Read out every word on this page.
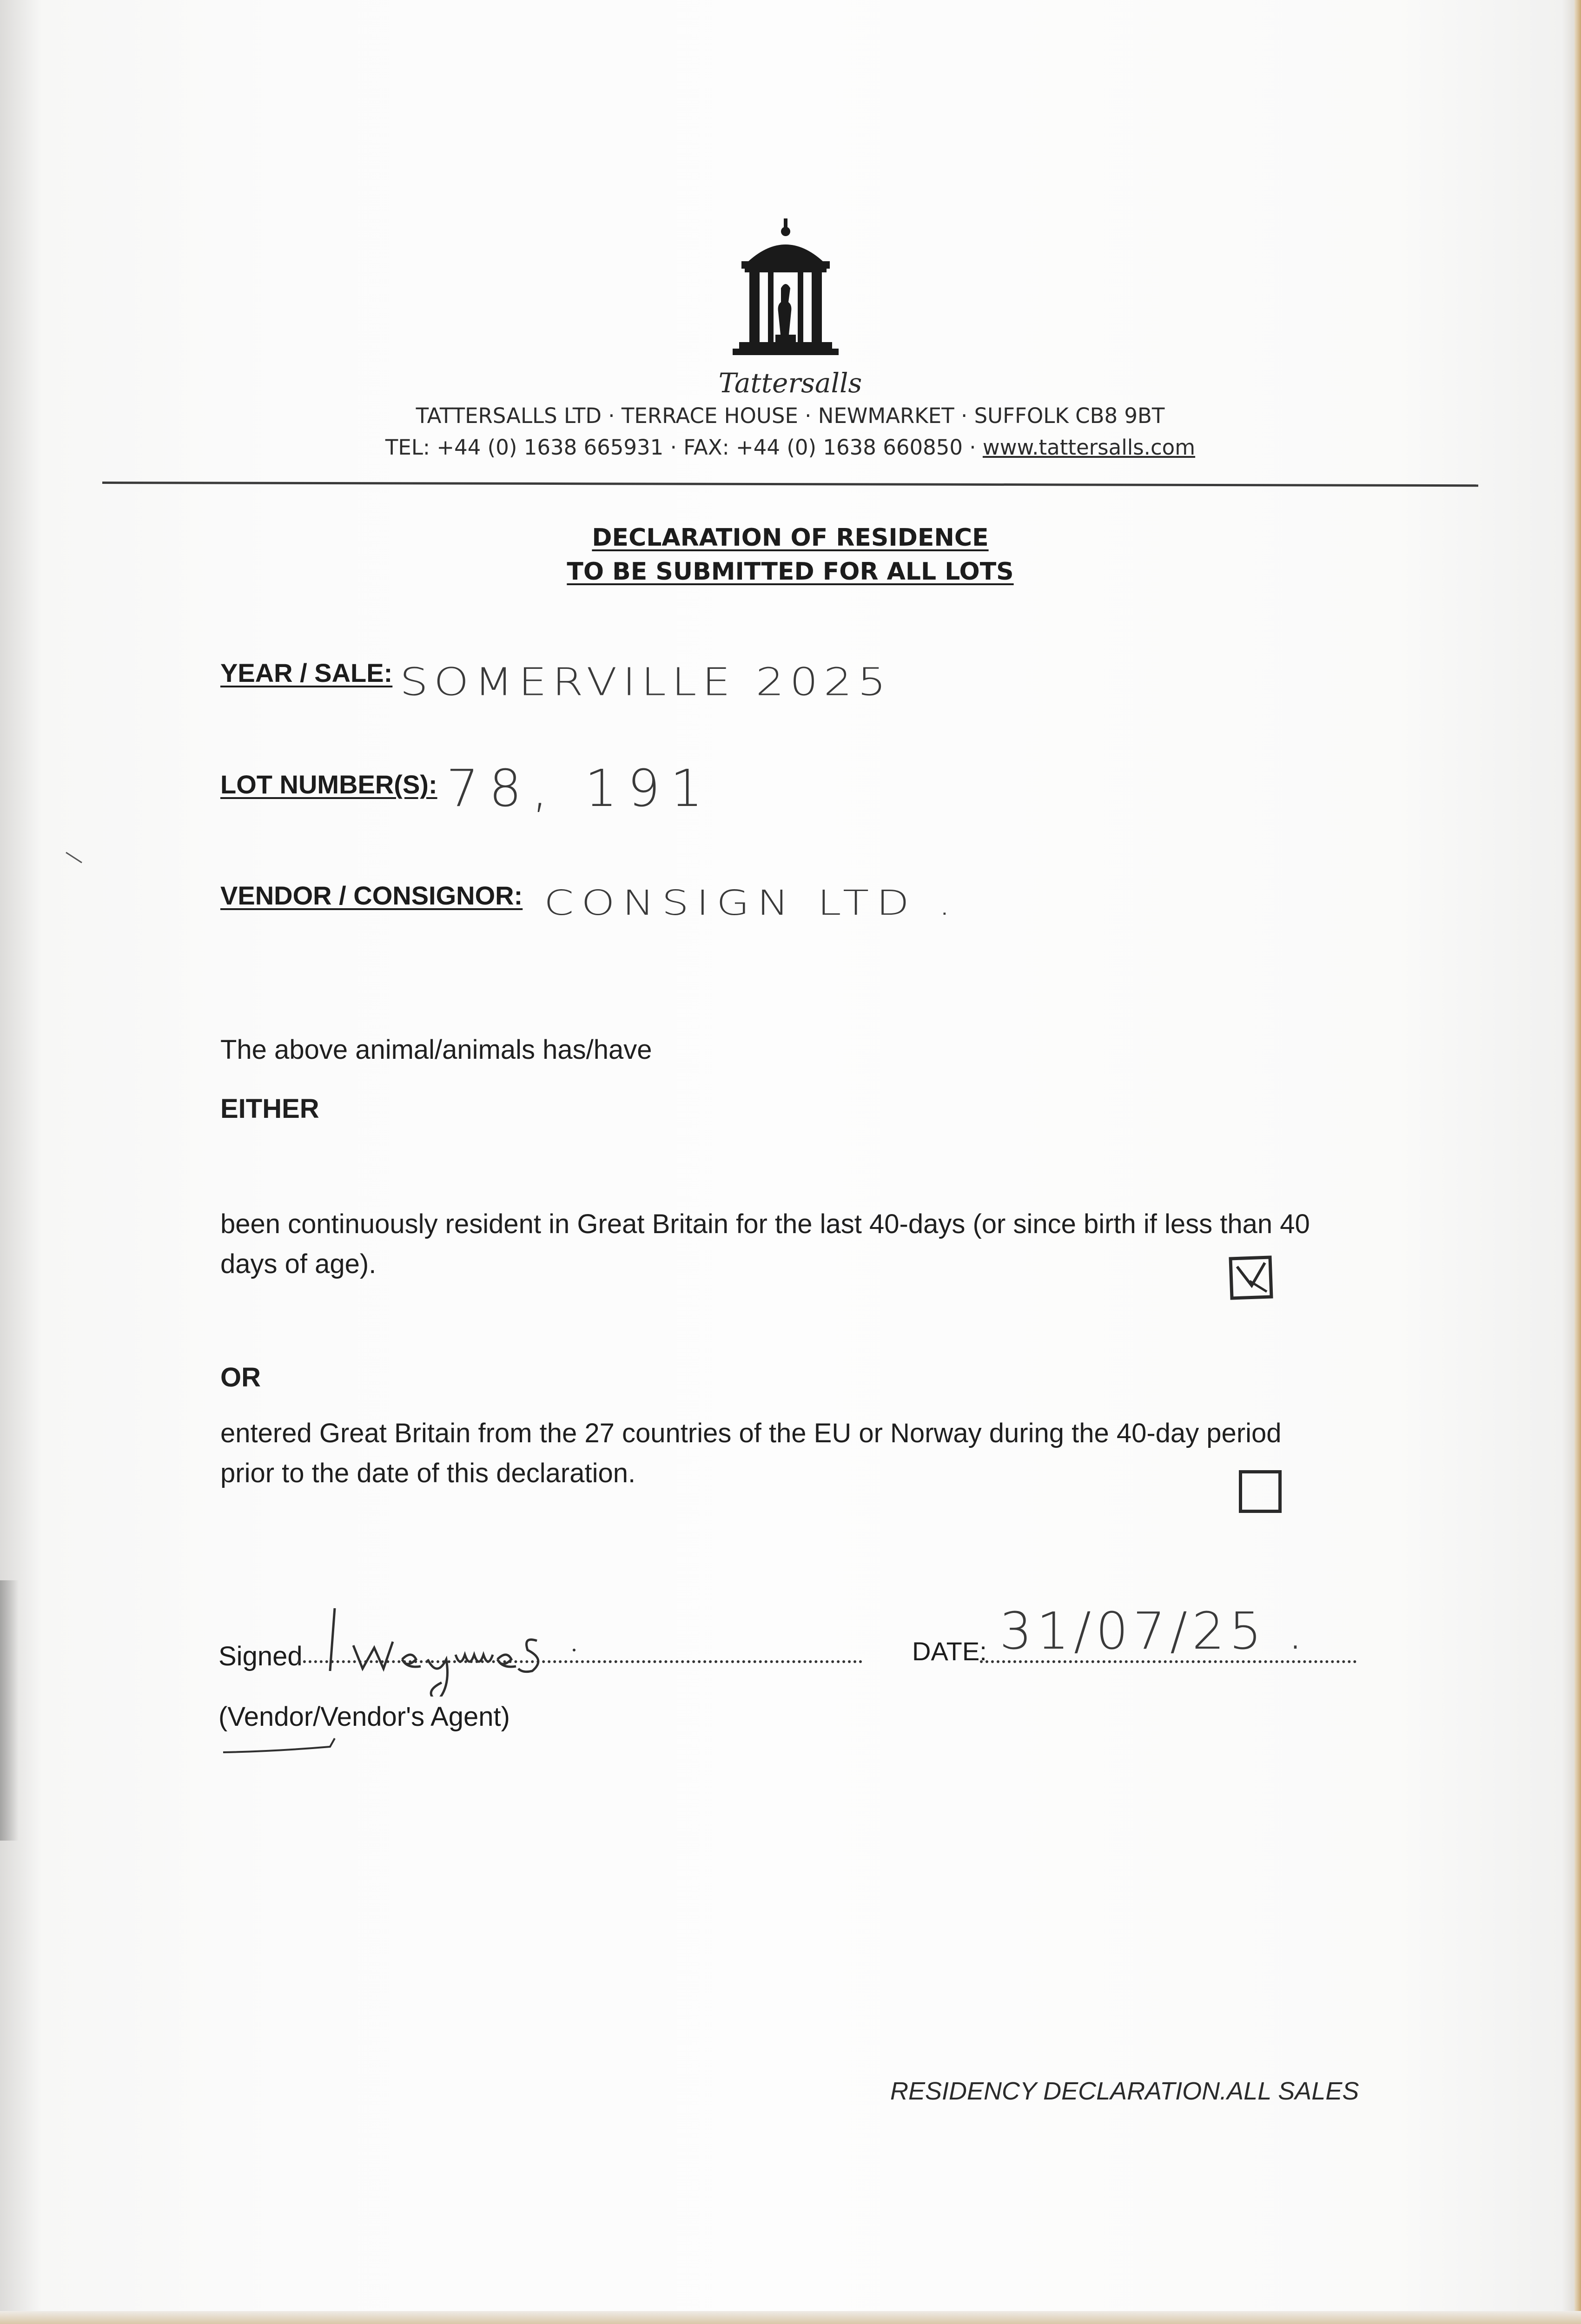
Tattersalls
TATTERSALLS LTD · TERRACE HOUSE · NEWMARKET · SUFFOLK CB8 9BT
TEL: +44 (0) 1638 665931 · FAX: +44 (0) 1638 660850 · www.tattersalls.com
DECLARATION OF RESIDENCE
TO BE SUBMITTED FOR ALL LOTS
YEAR / SALE: SOMERVILLE 2025
LOT NUMBER(S): 78, 191
VENDOR / CONSIGNOR: CONSIGN LTD .
The above animal/animals has/have
EITHER
been continuously resident in Great Britain for the last 40-days (or since birth if less than 40
days of age).
OR
entered Great Britain from the 27 countries of the EU or Norway during the 40-day period
prior to the date of this declaration.
Signed	DATE: 31/07/25 .
(Vendor/Vendor's Agent)
RESIDENCY DECLARATION.ALL SALES
